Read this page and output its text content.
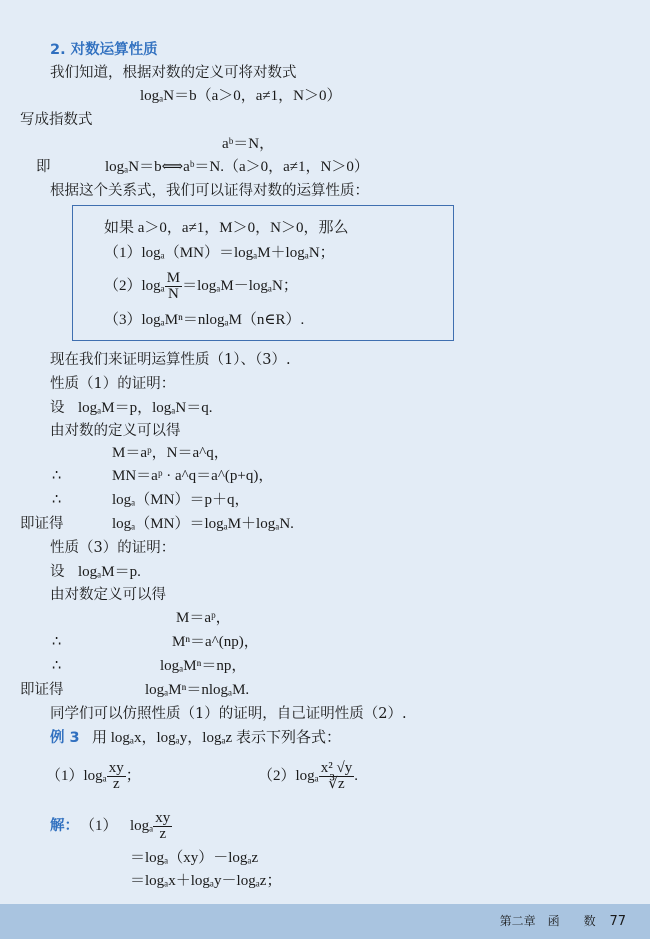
2. 对数运算性质
我们知道，根据对数的定义可将对数式
logₐN＝b（a＞0，a≠1，N＞0）
写成指数式
aᵇ＝N，
即	logₐN＝b⟺aᵇ＝N.（a＞0，a≠1，N＞0）
根据这个关系式，我们可以证得对数的运算性质：
如果 a＞0，a≠1，M＞0，N＞0，那么
（1）logₐ（MN）＝logₐM＋logₐN；
$(2)\log_a \frac{M}{N} =\log_aM-\log_aN$；
（3）logₐMⁿ＝nlogₐM（n∈R）.
现在我们来证明运算性质（1）、（3）.
性质（1）的证明：
设 logₐM＝p，logₐN＝q.
由对数的定义可以得
M＝aᵖ，N＝a^q，
∴	MN＝aᵖ · a^q＝a^(p+q)，
∴	logₐ（MN）＝p＋q，
即证得	logₐ（MN）＝logₐM＋logₐN.
性质（3）的证明：
设 logₐM＝p.
由对数定义可以得
M＝aᵖ，
∴	Mⁿ＝a^(np)，
∴	logₐMⁿ＝np，
即证得	logₐMⁿ＝nlogₐM.
同学们可以仿照性质（1）的证明，自己证明性质（2）.
例 3 用 logₐx，logₐy，logₐz 表示下列各式：
$(1)\log_a \frac{xy}{z}$ ；	$(2)\log_a \frac{\text{x² √y}}{∛z}$ .
解： （1） logₐ $\frac{xy}{z}$
＝logₐ（xy）－logₐz
＝logₐx＋logₐy－logₐz；
第二章　函　　数 77
